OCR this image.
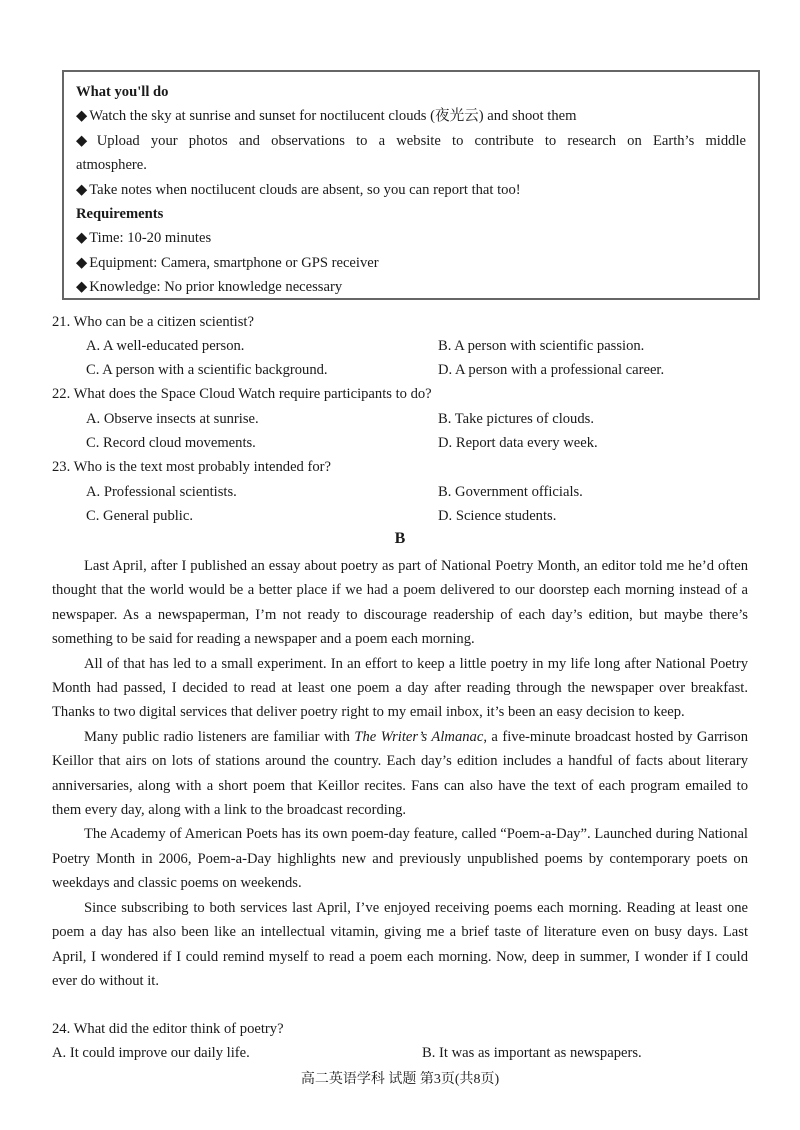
What you'll do
◆ Watch the sky at sunrise and sunset for noctilucent clouds (夜光云) and shoot them
◆ Upload your photos and observations to a website to contribute to research on Earth’s middle
atmosphere.
◆ Take notes when noctilucent clouds are absent, so you can report that too!
Requirements
◆ Time: 10-20 minutes
◆ Equipment: Camera, smartphone or GPS receiver
◆ Knowledge: No prior knowledge necessary
21. Who can be a citizen scientist?
A. A well-educated person.	B. A person with scientific passion.
C. A person with a scientific background.	D. A person with a professional career.
22. What does the Space Cloud Watch require participants to do?
A. Observe insects at sunrise.	B. Take pictures of clouds.
C. Record cloud movements.	D. Report data every week.
23. Who is the text most probably intended for?
A. Professional scientists.	B. Government officials.
C. General public.	D. Science students.
B

Last April, after I published an essay about poetry as part of National Poetry Month, an editor told me he’d often thought that the world would be a better place if we had a poem delivered to our doorstep each morning instead of a newspaper. As a newspaperman, I’m not ready to discourage readership of each day’s edition, but maybe there’s something to be said for reading a newspaper and a poem each morning.

All of that has led to a small experiment. In an effort to keep a little poetry in my life long after National Poetry Month had passed, I decided to read at least one poem a day after reading through the newspaper over breakfast. Thanks to two digital services that deliver poetry right to my email inbox, it’s been an easy decision to keep.

Many public radio listeners are familiar with The Writer’s Almanac, a five-minute broadcast hosted by Garrison Keillor that airs on lots of stations around the country. Each day’s edition includes a handful of facts about literary anniversaries, along with a short poem that Keillor recites. Fans can also have the text of each program emailed to them every day, along with a link to the broadcast recording.

The Academy of American Poets has its own poem-day feature, called “Poem-a-Day”. Launched during National Poetry Month in 2006, Poem-a-Day highlights new and previously unpublished poems by contemporary poets on weekdays and classic poems on weekends.

Since subscribing to both services last April, I’ve enjoyed receiving poems each morning. Reading at least one poem a day has also been like an intellectual vitamin, giving me a brief taste of literature even on busy days. Last April, I wondered if I could remind myself to read a poem each morning. Now, deep in summer, I wonder if I could ever do without it.

24. What did the editor think of poetry?
A. It could improve our daily life.	B. It was as important as newspapers.
高二英语学科 试题 第3页(共8页)
